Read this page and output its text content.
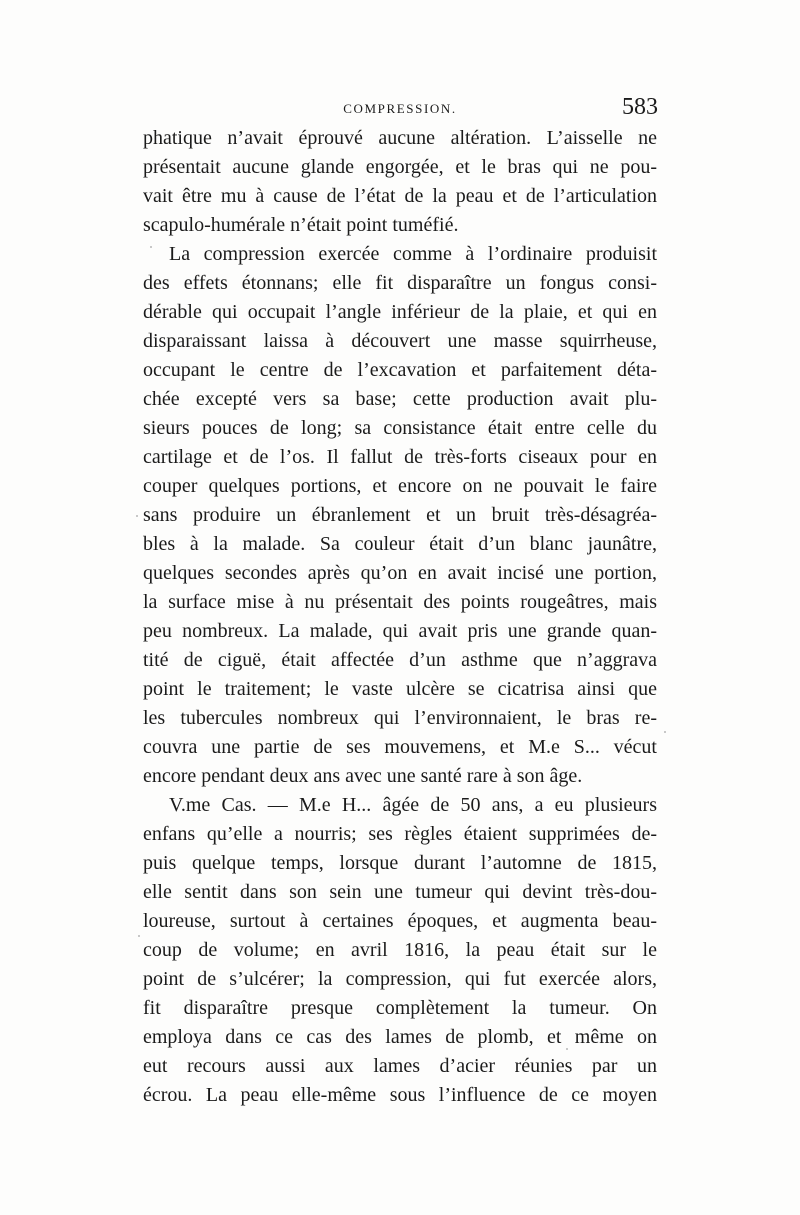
COMPRESSION.	583
phatique n’avait éprouvé aucune altération. L’aisselle ne
présentait aucune glande engorgée, et le bras qui ne pou-
vait être mu à cause de l’état de la peau et de l’articulation
scapulo-humérale n’était point tuméfié.
La compression exercée comme à l’ordinaire produisit
des effets étonnans; elle fit disparaître un fongus consi-
dérable qui occupait l’angle inférieur de la plaie, et qui en
disparaissant laissa à découvert une masse squirrheuse,
occupant le centre de l’excavation et parfaitement déta-
chée excepté vers sa base; cette production avait plu-
sieurs pouces de long; sa consistance était entre celle du
cartilage et de l’os. Il fallut de très-forts ciseaux pour en
couper quelques portions, et encore on ne pouvait le faire
sans produire un ébranlement et un bruit très-désagréa-
bles à la malade. Sa couleur était d’un blanc jaunâtre,
quelques secondes après qu’on en avait incisé une portion,
la surface mise à nu présentait des points rougeâtres, mais
peu nombreux. La malade, qui avait pris une grande quan-
tité de ciguë, était affectée d’un asthme que n’aggrava
point le traitement; le vaste ulcère se cicatrisa ainsi que
les tubercules nombreux qui l’environnaient, le bras re-
couvra une partie de ses mouvemens, et M.e S... vécut
encore pendant deux ans avec une santé rare à son âge.
V.me Cas. — M.e H... âgée de 50 ans, a eu plusieurs
enfans qu’elle a nourris; ses règles étaient supprimées de-
puis quelque temps, lorsque durant l’automne de 1815,
elle sentit dans son sein une tumeur qui devint très-dou-
loureuse, surtout à certaines époques, et augmenta beau-
coup de volume; en avril 1816, la peau était sur le
point de s’ulcérer; la compression, qui fut exercée alors,
fit disparaître presque complètement la tumeur. On
employa dans ce cas des lames de plomb, et même on
eut recours aussi aux lames d’acier réunies par un
écrou. La peau elle-même sous l’influence de ce moyen
